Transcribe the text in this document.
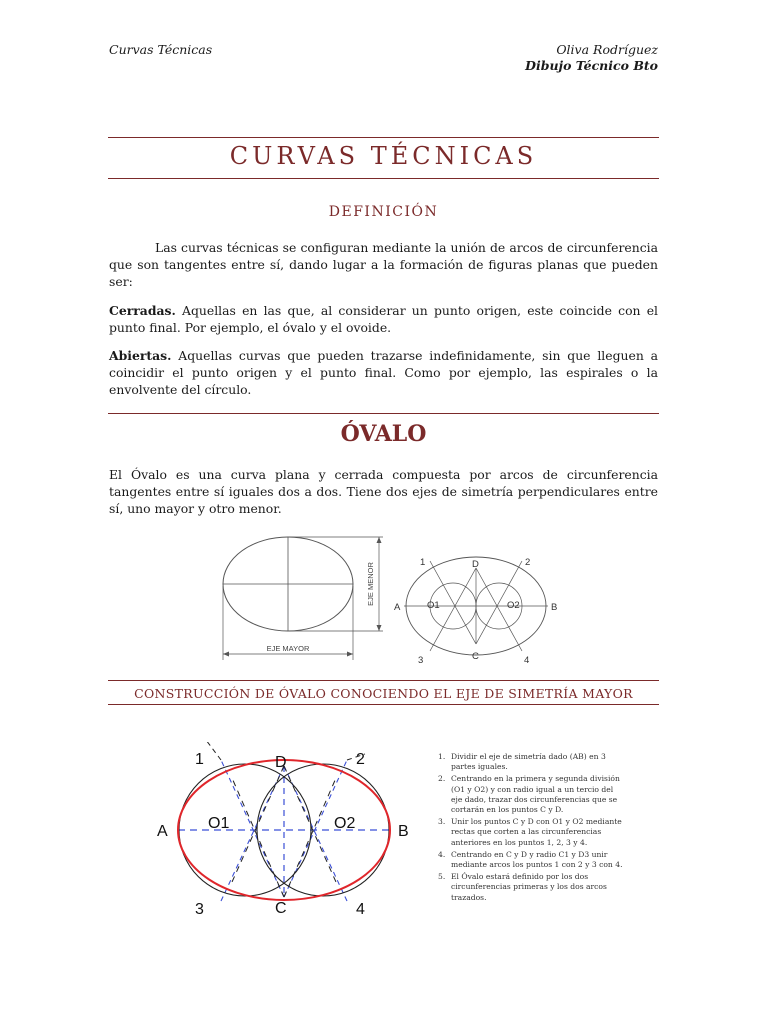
Curvas Técnicas	Oliva Rodríguez
Dibujo Técnico Bto
CURVAS TÉCNICAS
DEFINICIÓN
Las curvas técnicas se configuran mediante la unión de arcos de circunferencia que son tangentes entre sí, dando lugar a la formación de figuras planas que pueden ser:
Cerradas. Aquellas en las que, al considerar un punto origen, este coincide con el punto final. Por ejemplo, el óvalo y el ovoide.
Abiertas. Aquellas curvas que pueden trazarse indefinidamente, sin que lleguen a coincidir el punto origen y el punto final. Como por ejemplo, las espirales o la envolvente del círculo.
ÓVALO
El Óvalo es una curva plana y cerrada compuesta por arcos de circunferencia tangentes entre sí iguales dos a dos. Tiene dos ejes de simetría perpendiculares entre sí, uno mayor y otro menor.
EJE MAYOR
EJE MENOR	1	2
3	4
D
C
A	B
O1	O2
CONSTRUCCIÓN DE ÓVALO CONOCIENDO EL EJE DE SIMETRÍA MAYOR
1	2
3	4
D
C
A	B
O1	O2
1. Dividir el eje de simetría dado (AB) en 3 partes iguales.
2. Centrando en la primera y segunda división (O1 y O2) y con radio igual a un tercio del eje dado, trazar dos circunferencias que se cortarán en los puntos C y D.
3. Unir los puntos C y D con O1 y O2 mediante rectas que corten a las circunferencias anteriores en los puntos 1, 2, 3 y 4.
4. Centrando en C y D y radio C1 y D3 unir mediante arcos los puntos 1 con 2 y 3 con 4.
5. El Óvalo estará definido por los dos circunferencias primeras y los dos arcos trazados.
